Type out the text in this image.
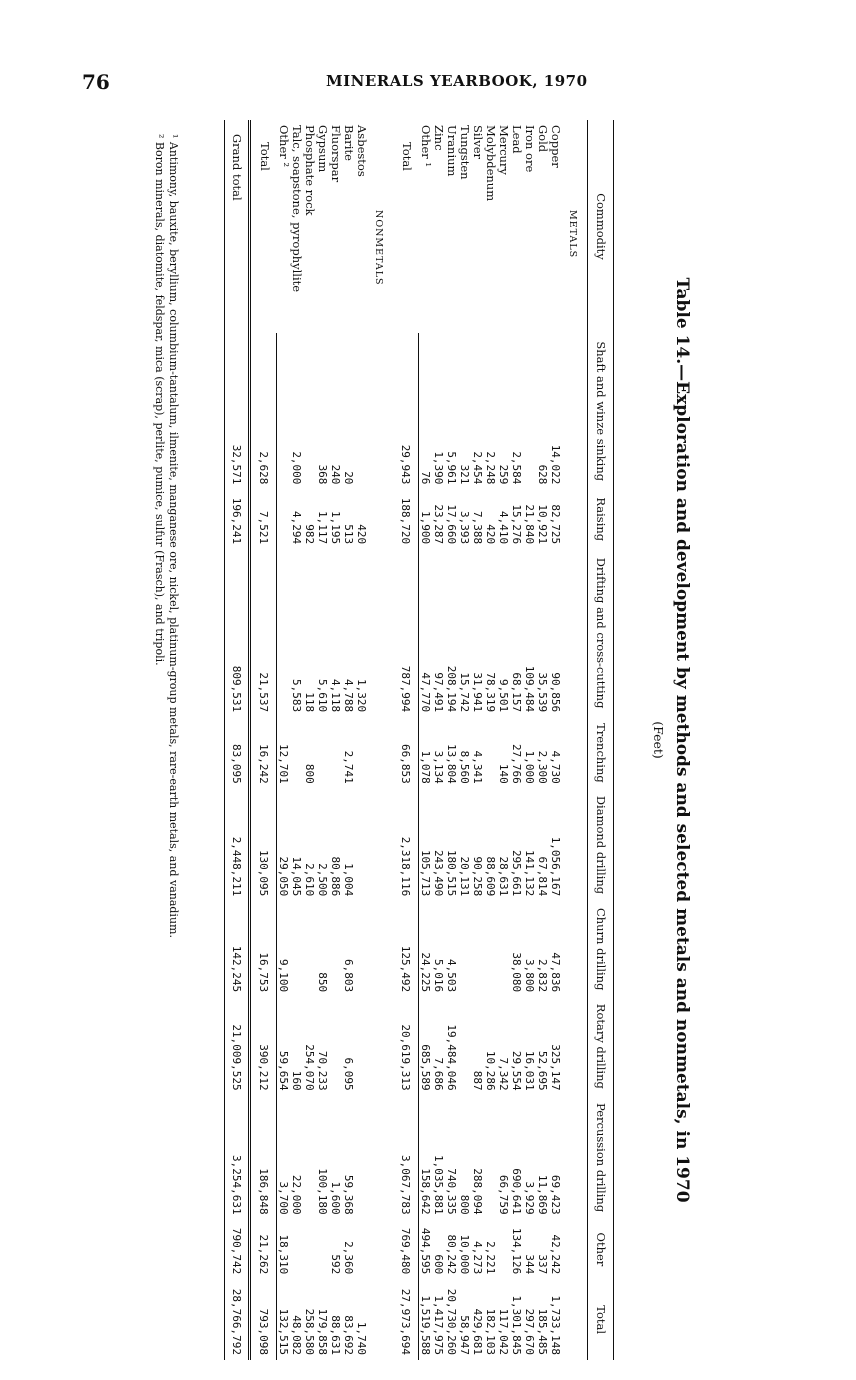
76	MINERALS YEARBOOK, 1970
Table 14.—Exploration and development by methods and selected metals and nonmetals, in 1970
(Feet)
Commodity	Shaft and winze sinking	Raising	Drifting and cross-cutting	Trenching	Diamond drilling	Churn drilling	Rotary drilling	Percussion drilling	Other	Total
METALS										
Copper	14,022	82,725	90,856	4,730	1,056,167	47,836	325,147	69,423	42,242	1,733,148
Gold	628	10,921	35,539	2,300	67,814	2,832	52,695	11,869	337	185,485
Iron ore		21,840	109,484	1,000	141,132	3,800	16,031	3,929	344	297,670
Lead	2,584	15,276	68,157	27,766	295,661	38,080	29,554	690,641	134,126	1,301,845
Mercury	259	4,410	9,501	140	28,631		7,342	66,759		117,042
Molybdenum	2,248	420	78,319		88,609		10,286		2,221	182,103
Silver	2,454	7,388	31,941	4,341	90,258		887	288,094	4,273	429,681
Tungsten	321	3,393	15,742	8,560	20,131			800	10,000	58,947
Uranium	5,961	17,660	208,194	13,804	180,515	4,503	19,484,046	740,335	80,242	20,730,260
Zinc	1,390	23,287	97,491	3,134	243,490	5,016	7,686	1,035,881	600	1,417,975
Other ¹	76	1,900	47,770	1,078	105,713	24,225	685,589	158,642	494,595	1,519,588
Total	29,943	188,720	787,994	66,853	2,318,116	125,492	20,619,313	3,067,783	769,480	27,973,694
NONMETALS										
Asbestos		420	1,320							1,740
Barite	20	513	4,788	2,741	1,004	6,803	6,095	59,368	2,360	83,692
Fluorspar	240	1,195	4,118		80,886			1,600	592	88,631
Gypsum	368	1,117	5,610		2,500	850	70,233	100,180		179,858
Phosphate rock		982	118	800	2,610		254,070			258,580
Talc, soapstone, pyrophyllite	2,000	4,294	5,583		14,045		160	22,000		48,082
Other ²				12,701	29,050	9,100	59,654	3,700	18,310	132,515
Total	2,628	7,521	21,537	16,242	130,095	16,753	390,212	186,848	21,262	793,098
Grand total	32,571	196,241	809,531	83,095	2,448,211	142,245	21,009,525	3,254,631	790,742	28,766,792
¹ Antimony, bauxite, beryllium, columbium-tantalum, ilmenite, manganese ore, nickel, platinum-group metals, rare-earth metals, and vanadium.
² Boron minerals, diatomite, feldspar, mica (scrap), perlite, pumice, sulfur (Frasch), and tripoli.
